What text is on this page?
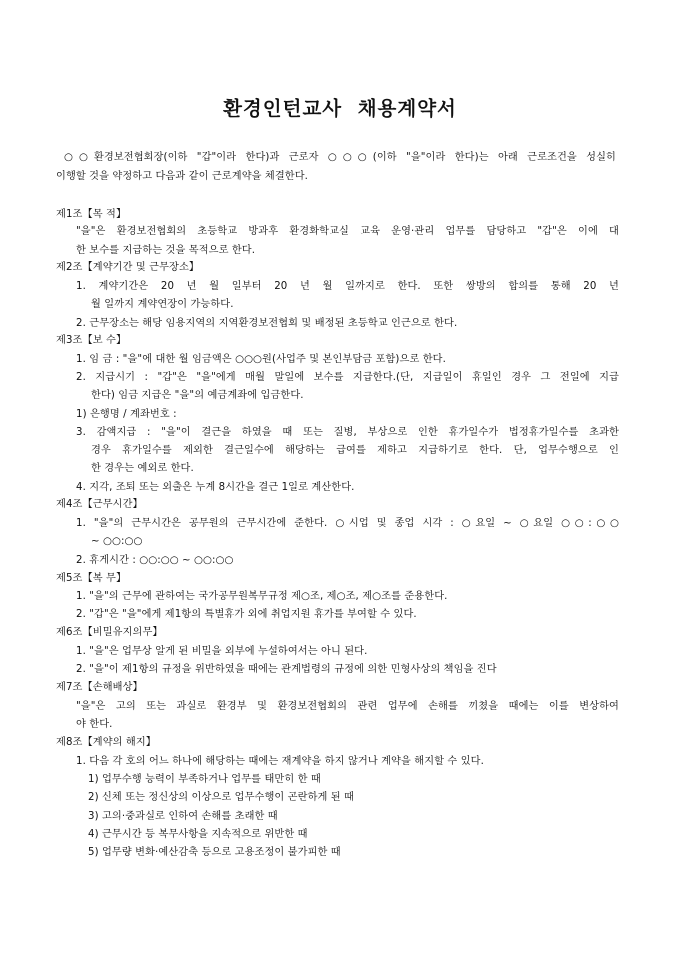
환경인턴교사  채용계약서
○○환경보전협회장(이하 "갑"이라 한다)과 근로자 ○○○(이하 "을"이라 한다)는 아래 근로조건을 성실히
이행할 것을 약정하고 다음과 같이 근로계약을 체결한다.
제1조【목 적】
"을"은 환경보전협회의 초등학교 방과후 환경화학교실 교육 운영·관리 업무를 담당하고 "갑"은 이에 대
한 보수를 지급하는 것을 목적으로 한다.
제2조【계약기간 및 근무장소】
1. 계약기간은 20 년 월 일부터 20 년 월 일까지로 한다. 또한 쌍방의 합의를 통해 20 년
월 일까지 계약연장이 가능하다.
2. 근무장소는 해당 임용지역의 지역환경보전협회 및 배정된 초등학교 인근으로 한다.
제3조【보 수】
1. 임 금 : "을"에 대한 월 임금액은 ○○○원(사업주 및 본인부담금 포함)으로 한다.
2. 지급시기 : "갑"은 "을"에게 매월 말일에 보수를 지급한다.(단, 지급일이 휴일인 경우 그 전일에 지급
한다) 임금 지급은 "을"의 예금계좌에 입금한다.
1) 은행명 / 계좌번호 :
3. 감액지급 : "을"이 결근을 하였을 때 또는 질병, 부상으로 인한 휴가일수가 법정휴가일수를 초과한
경우 휴가일수를 제외한 결근일수에 해당하는 급여를 제하고 지급하기로 한다. 단, 업무수행으로 인
한 경우는 예외로 한다.
4. 지각, 조퇴 또는 외출은 누계 8시간을 결근 1일로 계산한다.
제4조【근무시간】
1. "을"의 근무시간은 공무원의 근무시간에 준한다. ○시업 및 종업 시각 : ○요일 ~ ○요일 ○○:○○
~ ○○:○○
2. 휴게시간 : ○○:○○ ~ ○○:○○
제5조【복 무】
1. "을"의 근무에 관하여는 국가공무원복무규정 제○조, 제○조, 제○조를 준용한다.
2. "갑"은 "을"에게 제1항의 특별휴가 외에 취업지원 휴가를 부여할 수 있다.
제6조【비밀유지의무】
1. "을"은 업무상 알게 된 비밀을 외부에 누설하여서는 아니 된다.
2. "을"이 제1항의 규정을 위반하였을 때에는 관계법령의 규정에 의한 민형사상의 책임을 진다
제7조【손해배상】
"을"은 고의 또는 과실로 환경부 및 환경보전협회의 관련 업무에 손해를 끼쳤을 때에는 이를 변상하여
야 한다.
제8조【계약의 해지】
1. 다음 각 호의 어느 하나에 해당하는 때에는 재계약을 하지 않거나 계약을 해지할 수 있다.
1) 업무수행 능력이 부족하거나 업무를 태만히 한 때
2) 신체 또는 정신상의 이상으로 업무수행이 곤란하게 된 때
3) 고의·중과실로 인하여 손해를 초래한 때
4) 근무시간 등 복무사항을 지속적으로 위반한 때
5) 업무량 변화·예산감축 등으로 고용조정이 불가피한 때
